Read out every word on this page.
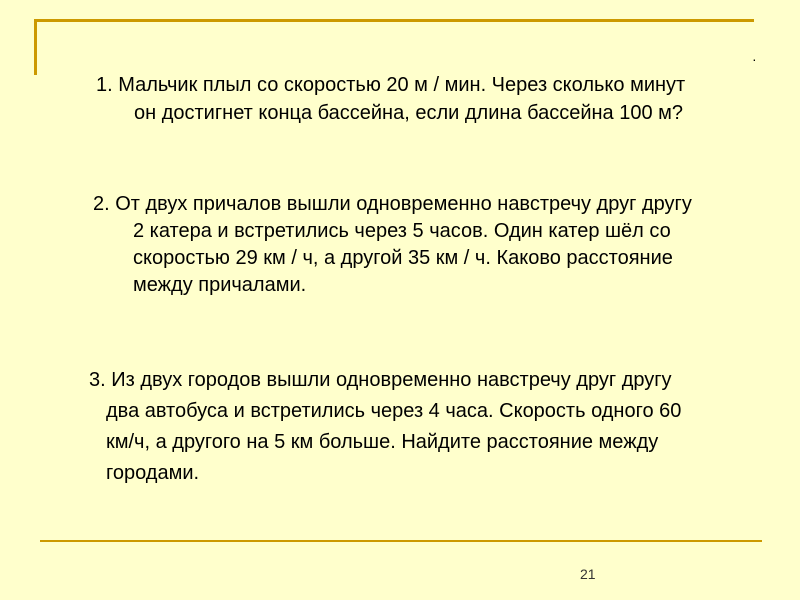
·

1. Мальчик плыл со скоростью 20 м / мин. Через сколько минут
он достигнет конца бассейна, если длина бассейна 100 м?

2. От двух причалов вышли одновременно навстречу друг другу
2 катера и встретились через 5 часов. Один катер шёл со
скоростью 29 км / ч, а другой 35 км / ч. Каково расстояние
между причалами.

3. Из двух городов вышли одновременно навстречу друг другу
два автобуса и встретились через 4 часа. Скорость одного 60
км/ч, а другого на 5 км больше. Найдите расстояние между
городами.

21
